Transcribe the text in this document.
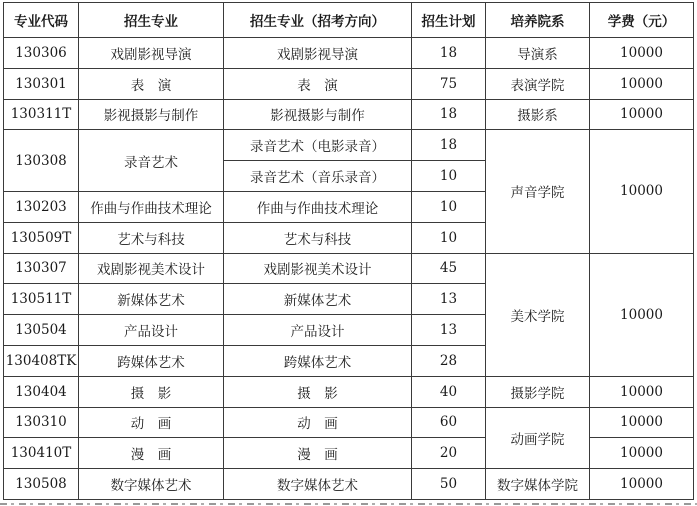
专业代码	招生专业	招生专业（招考方向）	招生计划	培养院系	学费（元）
130306	戏剧影视导演	戏剧影视导演	18	导演系	10000
130301	表　演	表　演	75	表演学院	10000
130311T	影视摄影与制作	影视摄影与制作	18	摄影系	10000
130308	录音艺术	录音艺术（电影录音）	18	声音学院	10000
		录音艺术（音乐录音）	10		
130203	作曲与作曲技术理论	作曲与作曲技术理论	10		
130509T	艺术与科技	艺术与科技	10		
130307	戏剧影视美术设计	戏剧影视美术设计	45	美术学院	10000
130511T	新媒体艺术	新媒体艺术	13		
130504	产品设计	产品设计	13		
130408TK	跨媒体艺术	跨媒体艺术	28		
130404	摄　影	摄　影	40	摄影学院	10000
130310	动　画	动　画	60	动画学院	10000
130410T	漫　画	漫　画	20		10000
130508	数字媒体艺术	数字媒体艺术	50	数字媒体学院	10000
